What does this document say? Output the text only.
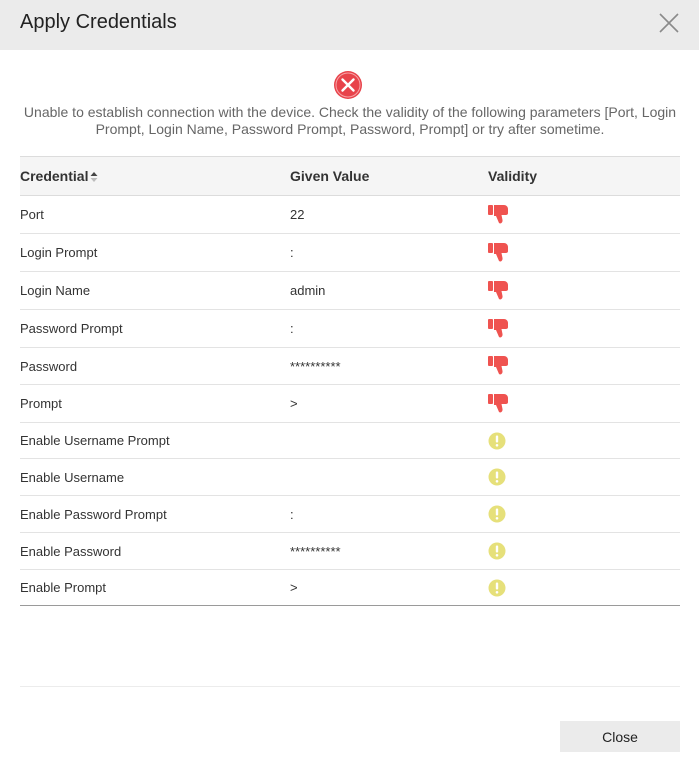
Apply Credentials
Unable to establish connection with the device. Check the validity of the following parameters [Port, Login Prompt, Login Name, Password Prompt, Password, Prompt] or try after sometime.
Credential	Given Value	Validity
Port	22	
Login Prompt	:	
Login Name	admin	
Password Prompt	:	
Password	**********	
Prompt	>	
Enable Username Prompt		
Enable Username		
Enable Password Prompt	:	
Enable Password	**********	
Enable Prompt	>	
Close
